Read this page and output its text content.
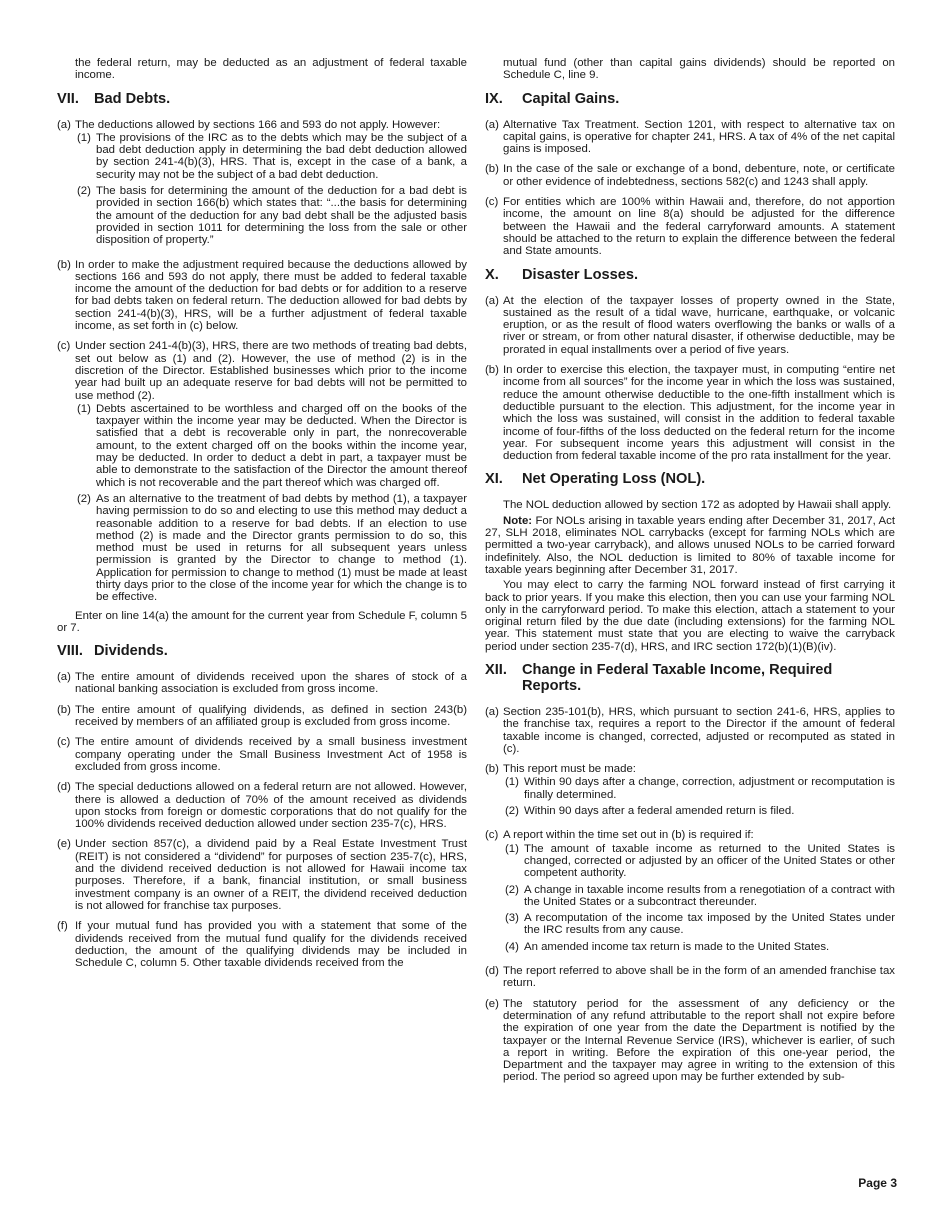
the federal return, may be deducted as an adjustment of federal taxable income.

VII.	Bad Debts.
(a) The deductions allowed by sections 166 and 593 do not apply. However:

(1) The provisions of the IRC as to the debts which may be the subject of a bad debt deduction apply in determining the bad debt deduction allowed by section 241-4(b)(3), HRS. That is, except in the case of a bank, a security may not be the subject of a bad debt deduction.

(2) The basis for determining the amount of the deduction for a bad debt is provided in section 166(b) which states that: “...the basis for determining the amount of the deduction for any bad debt shall be the adjusted basis provided in section 1011 for determining the loss from the sale or other disposition of property.”

(b) In order to make the adjustment required because the deductions allowed by sections 166 and 593 do not apply, there must be added to federal taxable income the amount of the deduction for bad debts or for addition to a reserve for bad debts taken on federal return. The deduction allowed for bad debts by section 241-4(b)(3), HRS, will be a further adjustment of federal taxable income, as set forth in (c) below.

(c) Under section 241-4(b)(3), HRS, there are two methods of treating bad debts, set out below as (1) and (2). However, the use of method (2) is in the discretion of the Director. Established businesses which prior to the income year had built up an adequate reserve for bad debts will not be permitted to use method (2).

(1) Debts ascertained to be worthless and charged off on the books of the taxpayer within the income year may be deducted. When the Director is satisfied that a debt is recoverable only in part, the nonrecoverable amount, to the extent charged off on the books within the income year, may be deducted. In order to deduct a debt in part, a taxpayer must be able to demonstrate to the satisfaction of the Director the amount thereof which is not recoverable and the part thereof which was charged off.

(2) As an alternative to the treatment of bad debts by method (1), a taxpayer having permission to do so and electing to use this method may deduct a reasonable addition to a reserve for bad debts. If an election to use method (2) is made and the Director grants permission to do so, this method must be used in returns for all subsequent years unless permission is granted by the Director to change to method (1). Application for permission to change to method (1) must be made at least thirty days prior to the close of the income year for which the change is to be effective.

Enter on line 14(a) the amount for the current year from Schedule F, column 5 or 7.

VIII. Dividends.
(a) The entire amount of dividends received upon the shares of stock of a national banking association is excluded from gross income.

(b) The entire amount of qualifying dividends, as defined in section 243(b) received by members of an affiliated group is excluded from gross income.

(c) The entire amount of dividends received by a small business investment company operating under the Small Business Investment Act of 1958 is excluded from gross income.

(d) The special deductions allowed on a federal return are not allowed. However, there is allowed a deduction of 70% of the amount received as dividends upon stocks from foreign or domestic corporations that do not qualify for the 100% dividends received deduction allowed under section 235-7(c), HRS.

(e) Under section 857(c), a dividend paid by a Real Estate Investment Trust (REIT) is not considered a “dividend” for purposes of section 235-7(c), HRS, and the dividend received deduction is not allowed for Hawaii income tax purposes. Therefore, if a bank, financial institution, or small business investment company is an owner of a REIT, the dividend received deduction is not allowed for franchise tax purposes.

(f) If your mutual fund has provided you with a statement that some of the dividends received from the mutual fund qualify for the dividends received deduction, the amount of the qualifying dividends may be included in Schedule C, column 5. Other taxable dividends received from the

mutual fund (other than capital gains dividends) should be reported on Schedule C, line 9.

IX.	Capital Gains.
(a) Alternative Tax Treatment. Section 1201, with respect to alternative tax on capital gains, is operative for chapter 241, HRS. A tax of 4% of the net capital gains is imposed.

(b) In the case of the sale or exchange of a bond, debenture, note, or certificate or other evidence of indebtedness, sections 582(c) and 1243 shall apply.

(c) For entities which are 100% within Hawaii and, therefore, do not apportion income, the amount on line 8(a) should be adjusted for the difference between the Hawaii and the federal carryforward amounts. A statement should be attached to the return to explain the difference between the federal and State amounts.

X.	Disaster Losses.
(a) At the election of the taxpayer losses of property owned in the State, sustained as the result of a tidal wave, hurricane, earthquake, or volcanic eruption, or as the result of flood waters overflowing the banks or walls of a river or stream, or from other natural disaster, if otherwise deductible, may be prorated in equal installments over a period of five years.

(b) In order to exercise this election, the taxpayer must, in computing “entire net income from all sources” for the income year in which the loss was sustained, reduce the amount otherwise deductible to the one-fifth installment which is deductible pursuant to the election. This adjustment, for the income year in which the loss was sustained, will consist in the addition to federal taxable income of four-fifths of the loss deducted on the federal return for the income year. For subsequent income years this adjustment will consist in the deduction from federal taxable income of the pro rata installment for the year.

XI.	Net Operating Loss (NOL).

The NOL deduction allowed by section 172 as adopted by Hawaii shall apply.

Note: For NOLs arising in taxable years ending after December 31, 2017, Act 27, SLH 2018, eliminates NOL carrybacks (except for farming NOLs which are permitted a two-year carryback), and allows unused NOLs to be carried forward indefinitely. Also, the NOL deduction is limited to 80% of taxable income for taxable years beginning after December 31, 2017.

You may elect to carry the farming NOL forward instead of first carrying it back to prior years. If you make this election, then you can use your farming NOL only in the carryforward period. To make this election, attach a statement to your original return filed by the due date (including extensions) for the farming NOL year. This statement must state that you are electing to waive the carryback period under section 235-7(d), HRS, and IRC section 172(b)(1)(B)(iv).

XII.	Change in Federal Taxable Income, Required Reports.
(a) Section 235-101(b), HRS, which pursuant to section 241-6, HRS, applies to the franchise tax, requires a report to the Director if the amount of federal taxable income is changed, corrected, adjusted or recomputed as stated in (c).

(b) This report must be made:

(1) Within 90 days after a change, correction, adjustment or recomputation is finally determined.

(2) Within 90 days after a federal amended return is filed.

(c) A report within the time set out in (b) is required if:

(1) The amount of taxable income as returned to the United States is changed, corrected or adjusted by an officer of the United States or other competent authority.

(2) A change in taxable income results from a renegotiation of a contract with the United States or a subcontract thereunder.

(3) A recomputation of the income tax imposed by the United States under the IRC results from any cause.

(4) An amended income tax return is made to the United States.

(d) The report referred to above shall be in the form of an amended franchise tax return.

(e) The statutory period for the assessment of any deficiency or the determination of any refund attributable to the report shall not expire before the expiration of one year from the date the Department is notified by the taxpayer or the Internal Revenue Service (IRS), whichever is earlier, of such a report in writing. Before the expiration of this one-year period, the Department and the taxpayer may agree in writing to the extension of this period. The period so agreed upon may be further extended by sub-

Page 3
